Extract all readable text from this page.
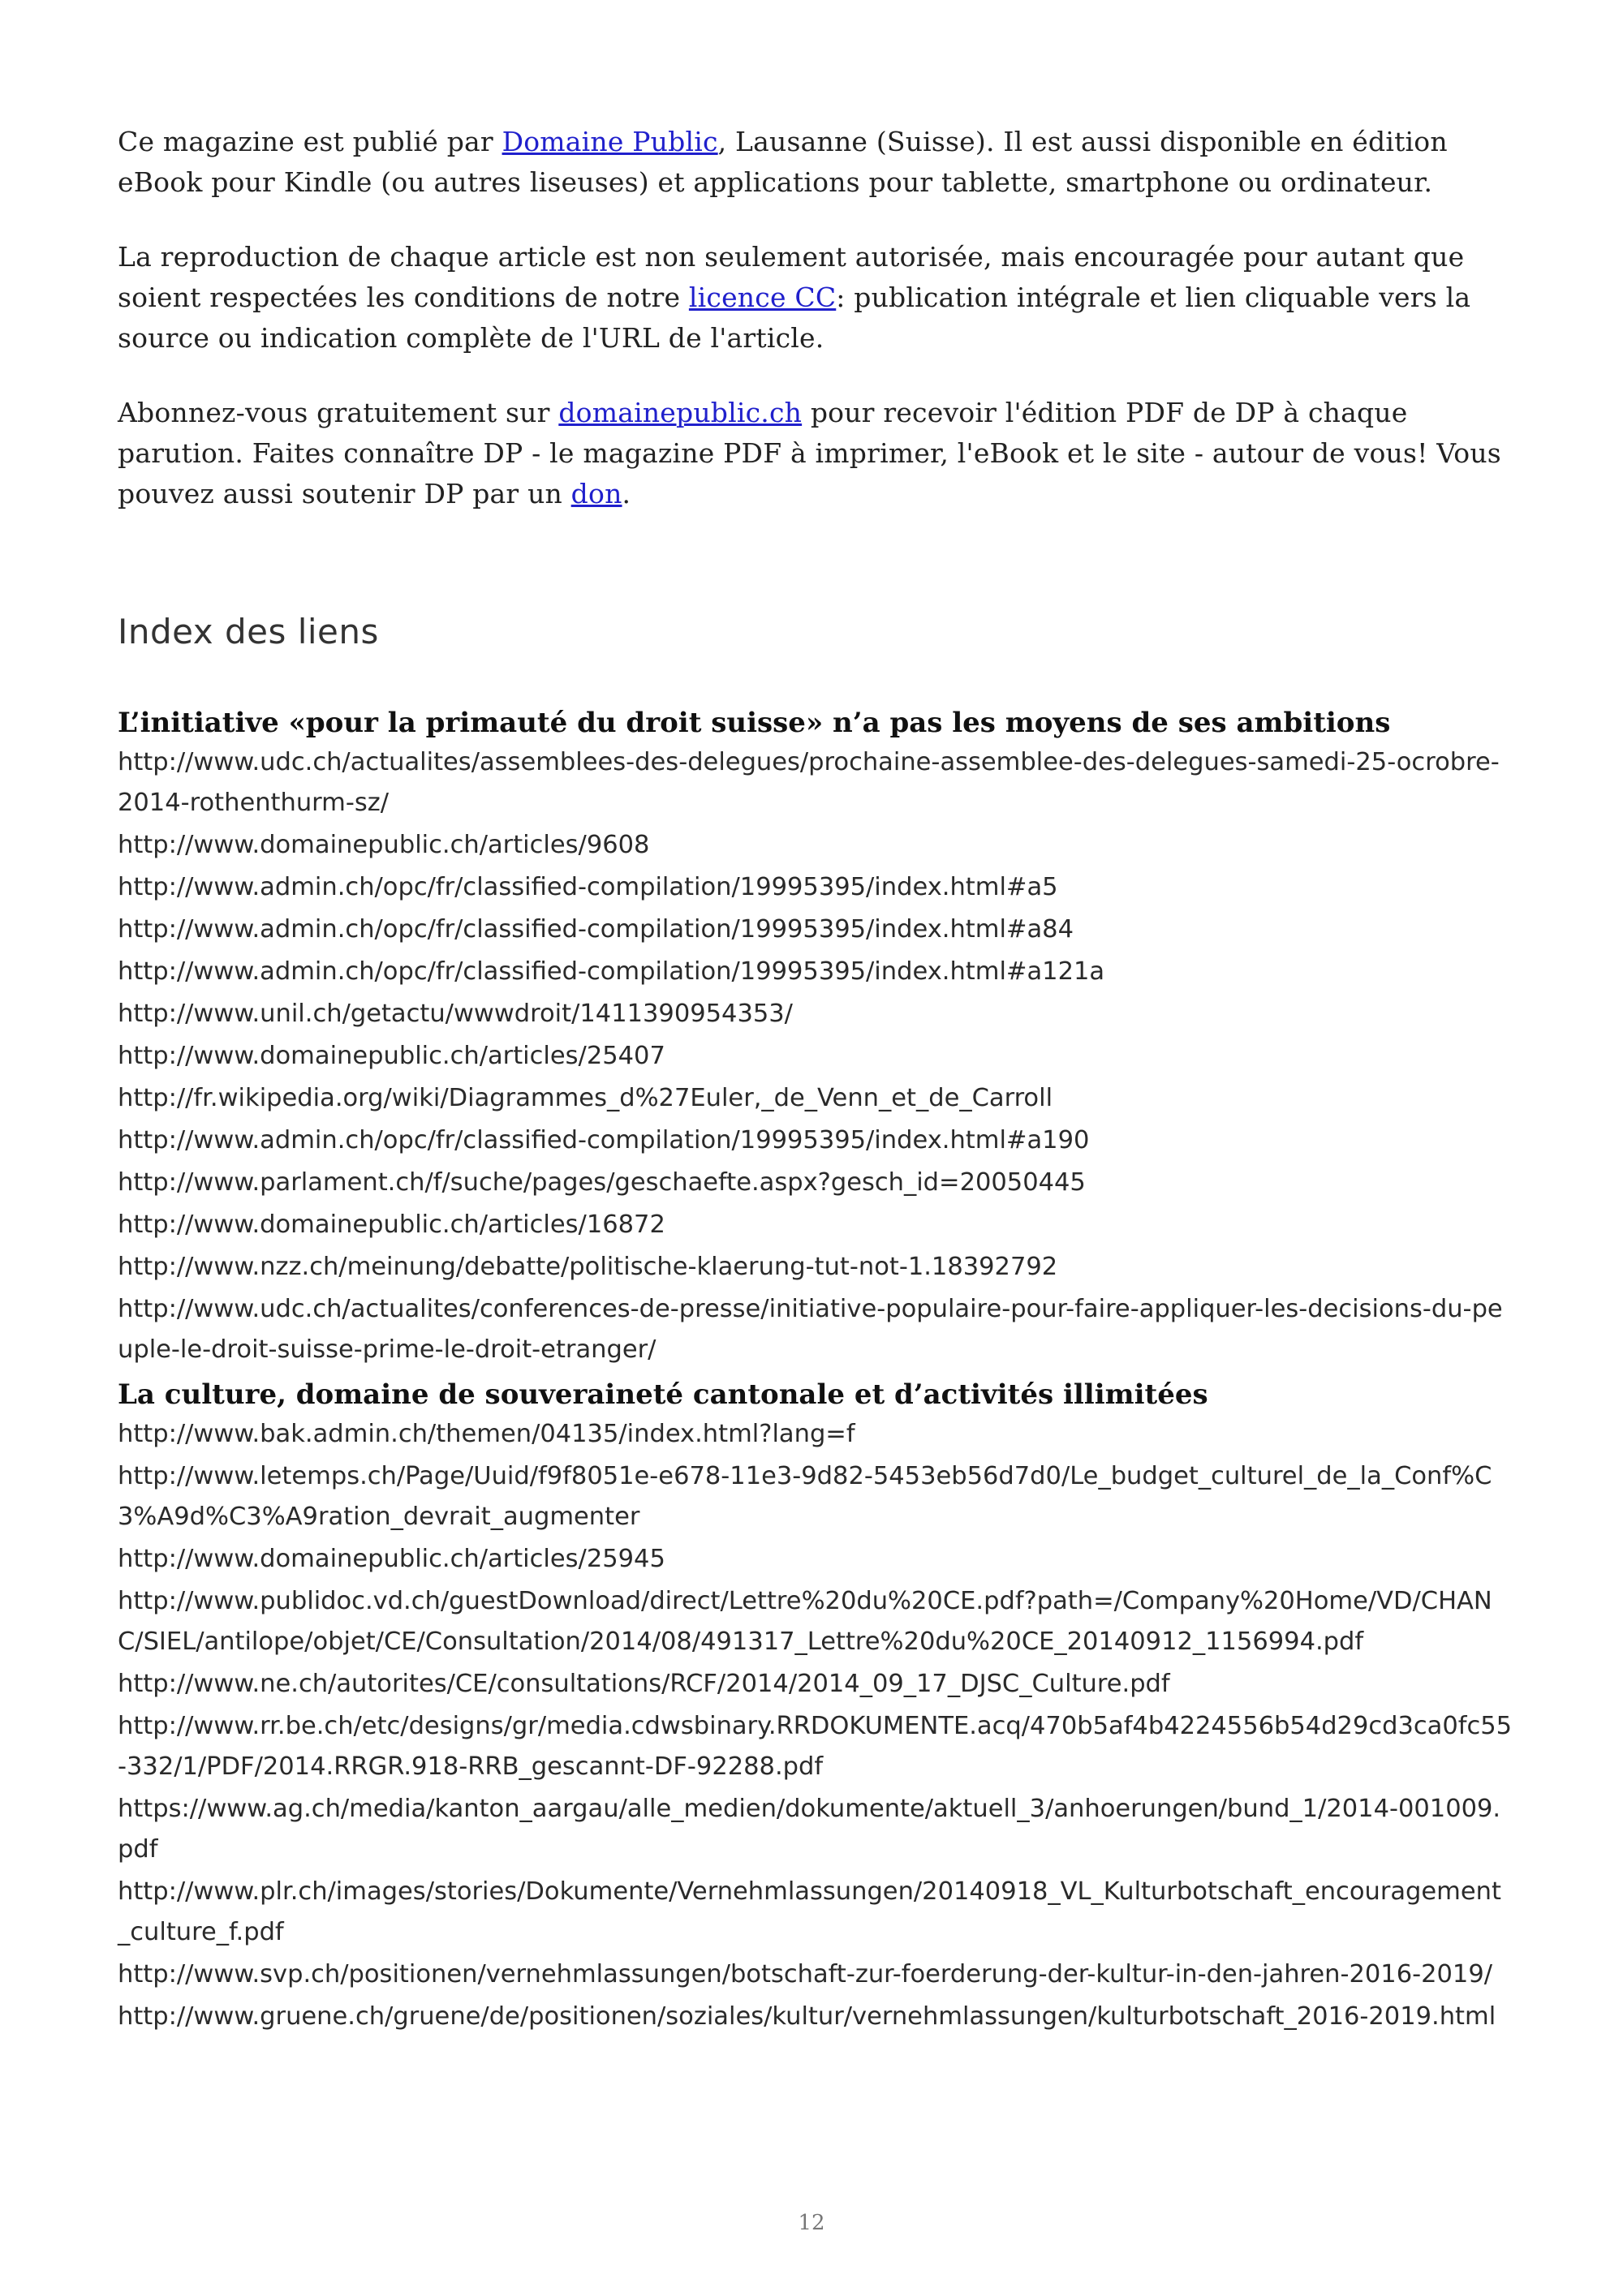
Ce magazine est publié par Domaine Public, Lausanne (Suisse). Il est aussi disponible en édition eBook pour Kindle (ou autres liseuses) et applications pour tablette, smartphone ou ordinateur.

La reproduction de chaque article est non seulement autorisée, mais encouragée pour autant que soient respectées les conditions de notre licence CC: publication intégrale et lien cliquable vers la source ou indication complète de l'URL de l'article.

Abonnez-vous gratuitement sur domainepublic.ch pour recevoir l'édition PDF de DP à chaque parution. Faites connaître DP - le magazine PDF à imprimer, l'eBook et le site - autour de vous! Vous pouvez aussi soutenir DP par un don.

Index des liens
L’initiative «pour la primauté du droit suisse» n’a pas les moyens de ses ambitions
http://www.udc.ch/actualites/assemblees-des-delegues/prochaine-assemblee-des-delegues-samedi-25-ocrobre-2014-rothenthurm-sz/
http://www.domainepublic.ch/articles/9608
http://www.admin.ch/opc/fr/classified-compilation/19995395/index.html#a5
http://www.admin.ch/opc/fr/classified-compilation/19995395/index.html#a84
http://www.admin.ch/opc/fr/classified-compilation/19995395/index.html#a121a
http://www.unil.ch/getactu/wwwdroit/1411390954353/
http://www.domainepublic.ch/articles/25407
http://fr.wikipedia.org/wiki/Diagrammes_d%27Euler,_de_Venn_et_de_Carroll
http://www.admin.ch/opc/fr/classified-compilation/19995395/index.html#a190
http://www.parlament.ch/f/suche/pages/geschaefte.aspx?gesch_id=20050445
http://www.domainepublic.ch/articles/16872
http://www.nzz.ch/meinung/debatte/politische-klaerung-tut-not-1.18392792
http://www.udc.ch/actualites/conferences-de-presse/initiative-populaire-pour-faire-appliquer-les-decisions-du-peuple-le-droit-suisse-prime-le-droit-etranger/
La culture, domaine de souveraineté cantonale et d’activités illimitées
http://www.bak.admin.ch/themen/04135/index.html?lang=f
http://www.letemps.ch/Page/Uuid/f9f8051e-e678-11e3-9d82-5453eb56d7d0/Le_budget_culturel_de_la_Conf%C3%A9d%C3%A9ration_devrait_augmenter
http://www.domainepublic.ch/articles/25945
http://www.publidoc.vd.ch/guestDownload/direct/Lettre%20du%20CE.pdf?path=/Company%20Home/VD/CHANC/SIEL/antilope/objet/CE/Consultation/2014/08/491317_Lettre%20du%20CE_20140912_1156994.pdf
http://www.ne.ch/autorites/CE/consultations/RCF/2014/2014_09_17_DJSC_Culture.pdf
http://www.rr.be.ch/etc/designs/gr/media.cdwsbinary.RRDOKUMENTE.acq/470b5af4b4224556b54d29cd3ca0fc55-332/1/PDF/2014.RRGR.918-RRB_gescannt-DF-92288.pdf
https://www.ag.ch/media/kanton_aargau/alle_medien/dokumente/aktuell_3/anhoerungen/bund_1/2014-001009.pdf
http://www.plr.ch/images/stories/Dokumente/Vernehmlassungen/20140918_VL_Kulturbotschaft_encouragement_culture_f.pdf
http://www.svp.ch/positionen/vernehmlassungen/botschaft-zur-foerderung-der-kultur-in-den-jahren-2016-2019/
http://www.gruene.ch/gruene/de/positionen/soziales/kultur/vernehmlassungen/kulturbotschaft_2016-2019.html
12
